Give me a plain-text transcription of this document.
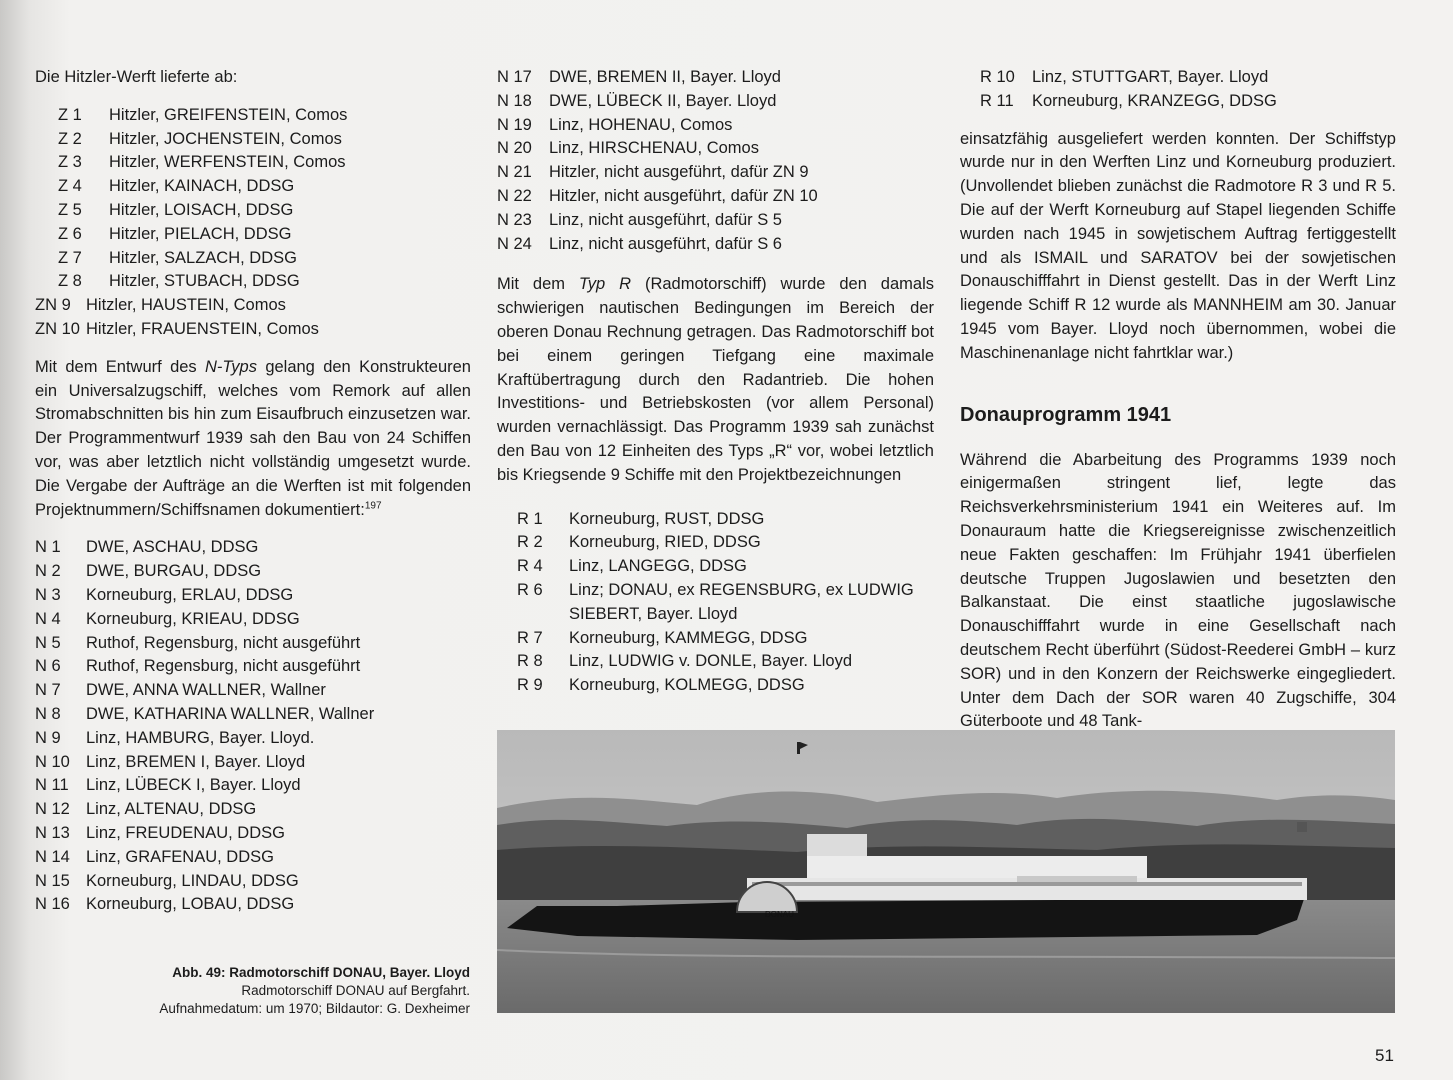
Die Hitzler-Werft lieferte ab:

Z 1	Hitzler, GREIFENSTEIN, Comos
Z 2	Hitzler, JOCHENSTEIN, Comos
Z 3	Hitzler, WERFENSTEIN, Comos
Z 4	Hitzler, KAINACH, DDSG
Z 5	Hitzler, LOISACH, DDSG
Z 6	Hitzler, PIELACH, DDSG
Z 7	Hitzler, SALZACH, DDSG
Z 8	Hitzler, STUBACH, DDSG
ZN 9 Hitzler, HAUSTEIN, Comos
ZN 10 Hitzler, FRAUENSTEIN, Comos

Mit dem Entwurf des N-Typs gelang den Konstrukteuren ein Universalzugschiff, welches vom Remork auf allen Stromabschnitten bis hin zum Eisaufbruch einzusetzen war. Der Programmentwurf 1939 sah den Bau von 24 Schiffen vor, was aber letztlich nicht vollständig umgesetzt wurde. Die Vergabe der Aufträge an die Werften ist mit folgenden Projektnummern/Schiffsnamen dokumentiert:$^{197}$

N 1	DWE, ASCHAU, DDSG
N 2	DWE, BURGAU, DDSG
N 3	Korneuburg, ERLAU, DDSG
N 4	Korneuburg, KRIEAU, DDSG
N 5	Ruthof, Regensburg, nicht ausgeführt
N 6	Ruthof, Regensburg, nicht ausgeführt
N 7	DWE, ANNA WALLNER, Wallner
N 8	DWE, KATHARINA WALLNER, Wallner
N 9	Linz, HAMBURG, Bayer. Lloyd.
N 10 Linz, BREMEN I, Bayer. Lloyd
N 11	Linz, LÜBECK I, Bayer. Lloyd
N 12 Linz, ALTENAU, DDSG
N 13 Linz, FREUDENAU, DDSG
N 14 Linz, GRAFENAU, DDSG
N 15 Korneuburg, LINDAU, DDSG
N 16 Korneuburg, LOBAU, DDSG
N 17	DWE, BREMEN II, Bayer. Lloyd
N 18	DWE, LÜBECK II, Bayer. Lloyd
N 19	Linz, HOHENAU, Comos
N 20	Linz, HIRSCHENAU, Comos
N 21	Hitzler, nicht ausgeführt, dafür ZN 9
N 22	Hitzler, nicht ausgeführt, dafür ZN 10
N 23	Linz, nicht ausgeführt, dafür S 5
N 24	Linz, nicht ausgeführt, dafür S 6

Mit dem Typ R (Radmotorschiff) wurde den damals schwierigen nautischen Bedingungen im Bereich der oberen Donau Rechnung getragen. Das Radmotorschiff bot bei einem geringen Tiefgang eine maximale Kraftübertragung durch den Radantrieb. Die hohen Investitions- und Betriebskosten (vor allem Personal) wurden vernachlässigt. Das Programm 1939 sah zunächst den Bau von 12 Einheiten des Typs „R“ vor, wobei letztlich bis Kriegsende 9 Schiffe mit den Projektbezeichnungen

R 1	Korneuburg, RUST, DDSG
R 2	Korneuburg, RIED, DDSG
R 4	Linz, LANGEGG, DDSG
R 6	Linz; DONAU, ex REGENSBURG, ex LUDWIG SIEBERT, Bayer. Lloyd
R 7	Korneuburg, KAMMEGG, DDSG
R 8	Linz, LUDWIG v. DONLE, Bayer. Lloyd
R 9	Korneuburg, KOLMEGG, DDSG
R 10	Linz, STUTTGART, Bayer. Lloyd
R 11	Korneuburg, KRANZEGG, DDSG

einsatzfähig ausgeliefert werden konnten. Der Schiffstyp wurde nur in den Werften Linz und Korneuburg produziert. (Unvollendet blieben zunächst die Radmotore R 3 und R 5. Die auf der Werft Korneuburg auf Stapel liegenden Schiffe wurden nach 1945 in sowjetischem Auftrag fertiggestellt und als ISMAIL und SARATOV bei der sowjetischen Donauschifffahrt in Dienst gestellt. Das in der Werft Linz liegende Schiff R 12 wurde als MANNHEIM am 30. Januar 1945 vom Bayer. Lloyd noch übernommen, wobei die Maschinenanlage nicht fahrtklar war.)

Donauprogramm 1941

Während die Abarbeitung des Programms 1939 noch einigermaßen stringent lief, legte das Reichsverkehrsministerium 1941 ein Weiteres auf. Im Donauraum hatte die Kriegsereignisse zwischenzeitlich neue Fakten geschaffen: Im Frühjahr 1941 überfielen deutsche Truppen Jugoslawien und besetzten den Balkanstaat. Die einst staatliche jugoslawische Donauschifffahrt wurde in eine Gesellschaft nach deutschem Recht überführt (Südost-Reederei GmbH – kurz SOR) und in den Konzern der Reichswerke eingegliedert. Unter dem Dach der SOR waren 40 Zugschiffe, 304 Güterboote und 48 Tank-

DONAU
Abb. 49: Radmotorschiff DONAU, Bayer. Lloyd
Radmotorschiff DONAU auf Bergfahrt.
Aufnahmedatum: um 1970; Bildautor: G. Dexheimer
51
